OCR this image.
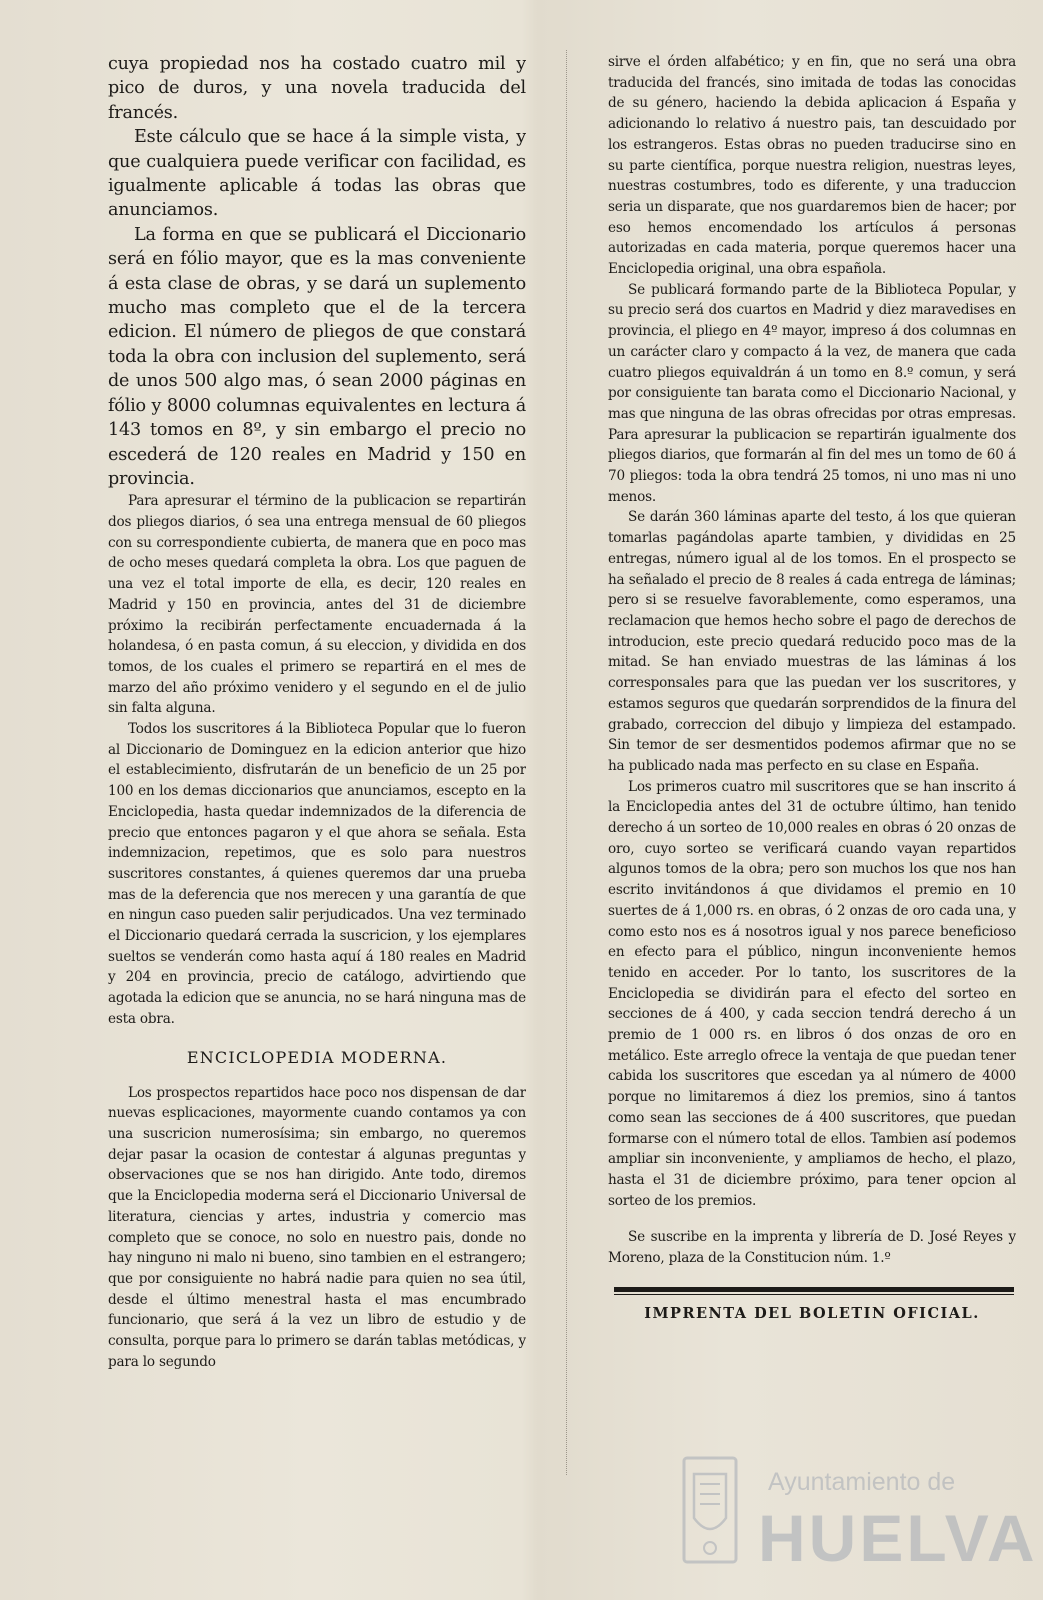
cuya propiedad nos ha costado cuatro mil y pico de duros, y una novela traducida del francés.

Este cálculo que se hace á la simple vista, y que cualquiera puede verificar con facilidad, es igualmente aplicable á todas las obras que anunciamos.

La forma en que se publicará el Diccionario será en fólio mayor, que es la mas conveniente á esta clase de obras, y se dará un suplemento mucho mas completo que el de la tercera edicion. El número de pliegos de que constará toda la obra con inclusion del suplemento, será de unos 500 algo mas, ó sean 2000 páginas en fólio y 8000 columnas equivalentes en lectura á 143 tomos en 8º, y sin embargo el precio no escederá de 120 reales en Madrid y 150 en provincia.

Para apresurar el término de la publicacion se repartirán dos pliegos diarios, ó sea una entrega mensual de 60 pliegos con su correspondiente cubierta, de manera que en poco mas de ocho meses quedará completa la obra. Los que paguen de una vez el total importe de ella, es decir, 120 reales en Madrid y 150 en provincia, antes del 31 de diciembre próximo la recibirán perfectamente encuadernada á la holandesa, ó en pasta comun, á su eleccion, y dividida en dos tomos, de los cuales el primero se repartirá en el mes de marzo del año próximo venidero y el segundo en el de julio sin falta alguna.

Todos los suscritores á la Biblioteca Popular que lo fueron al Diccionario de Dominguez en la edicion anterior que hizo el establecimiento, disfrutarán de un beneficio de un 25 por 100 en los demas diccionarios que anunciamos, escepto en la Enciclopedia, hasta quedar indemnizados de la diferencia de precio que entonces pagaron y el que ahora se señala. Esta indemnizacion, repetimos, que es solo para nuestros suscritores constantes, á quienes queremos dar una prueba mas de la deferencia que nos merecen y una garantía de que en ningun caso pueden salir perjudicados. Una vez terminado el Diccionario quedará cerrada la suscricion, y los ejemplares sueltos se venderán como hasta aquí á 180 reales en Madrid y 204 en provincia, precio de catálogo, advirtiendo que agotada la edicion que se anuncia, no se hará ninguna mas de esta obra.

ENCICLOPEDIA MODERNA.

Los prospectos repartidos hace poco nos dispensan de dar nuevas esplicaciones, mayormente cuando contamos ya con una suscricion numerosísima; sin embargo, no queremos dejar pasar la ocasion de contestar á algunas preguntas y observaciones que se nos han dirigido. Ante todo, diremos que la Enciclopedia moderna será el Diccionario Universal de literatura, ciencias y artes, industria y comercio mas completo que se conoce, no solo en nuestro pais, donde no hay ninguno ni malo ni bueno, sino tambien en el estrangero; que por consiguiente no habrá nadie para quien no sea útil, desde el último menestral hasta el mas encumbrado funcionario, que será á la vez un libro de estudio y de consulta, porque para lo primero se darán tablas metódicas, y para lo segundo

sirve el órden alfabético; y en fin, que no será una obra traducida del francés, sino imitada de todas las conocidas de su género, haciendo la debida aplicacion á España y adicionando lo relativo á nuestro pais, tan descuidado por los estrangeros. Estas obras no pueden traducirse sino en su parte científica, porque nuestra religion, nuestras leyes, nuestras costumbres, todo es diferente, y una traduccion seria un disparate, que nos guardaremos bien de hacer; por eso hemos encomendado los artículos á personas autorizadas en cada materia, porque queremos hacer una Enciclopedia original, una obra española.

Se publicará formando parte de la Biblioteca Popular, y su precio será dos cuartos en Madrid y diez maravedises en provincia, el pliego en 4º mayor, impreso á dos columnas en un carácter claro y compacto á la vez, de manera que cada cuatro pliegos equivaldrán á un tomo en 8.º comun, y será por consiguiente tan barata como el Diccionario Nacional, y mas que ninguna de las obras ofrecidas por otras empresas. Para apresurar la publicacion se repartirán igualmente dos pliegos diarios, que formarán al fin del mes un tomo de 60 á 70 pliegos: toda la obra tendrá 25 tomos, ni uno mas ni uno menos.

Se darán 360 láminas aparte del testo, á los que quieran tomarlas pagándolas aparte tambien, y divididas en 25 entregas, número igual al de los tomos. En el prospecto se ha señalado el precio de 8 reales á cada entrega de láminas; pero si se resuelve favorablemente, como esperamos, una reclamacion que hemos hecho sobre el pago de derechos de introducion, este precio quedará reducido poco mas de la mitad. Se han enviado muestras de las láminas á los corresponsales para que las puedan ver los suscritores, y estamos seguros que quedarán sorprendidos de la finura del grabado, correccion del dibujo y limpieza del estampado. Sin temor de ser desmentidos podemos afirmar que no se ha publicado nada mas perfecto en su clase en España.

Los primeros cuatro mil suscritores que se han inscrito á la Enciclopedia antes del 31 de octubre último, han tenido derecho á un sorteo de 10,000 reales en obras ó 20 onzas de oro, cuyo sorteo se verificará cuando vayan repartidos algunos tomos de la obra; pero son muchos los que nos han escrito invitándonos á que dividamos el premio en 10 suertes de á 1,000 rs. en obras, ó 2 onzas de oro cada una, y como esto nos es á nosotros igual y nos parece beneficioso en efecto para el público, ningun inconveniente hemos tenido en acceder. Por lo tanto, los suscritores de la Enciclopedia se dividirán para el efecto del sorteo en secciones de á 400, y cada seccion tendrá derecho á un premio de 1 000 rs. en libros ó dos onzas de oro en metálico. Este arreglo ofrece la ventaja de que puedan tener cabida los suscritores que escedan ya al número de 4000 porque no limitaremos á diez los premios, sino á tantos como sean las secciones de á 400 suscritores, que puedan formarse con el número total de ellos. Tambien así podemos ampliar sin inconveniente, y ampliamos de hecho, el plazo, hasta el 31 de diciembre próximo, para tener opcion al sorteo de los premios.

Se suscribe en la imprenta y librería de D. José Reyes y Moreno, plaza de la Constitucion núm. 1.º

IMPRENTA DEL BOLETIN OFICIAL.
Ayuntamiento de
HUELVA
